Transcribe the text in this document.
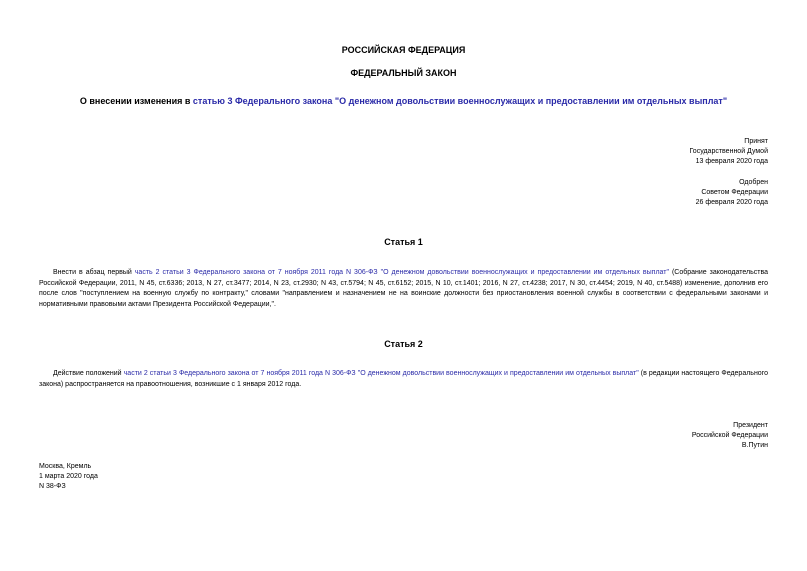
РОССИЙСКАЯ ФЕДЕРАЦИЯ
ФЕДЕРАЛЬНЫЙ ЗАКОН
О внесении изменения в статью 3 Федерального закона "О денежном довольствии военнослужащих и предоставлении им отдельных выплат"
Принят
Государственной Думой
13 февраля 2020 года
Одобрен
Советом Федерации
26 февраля 2020 года
Статья 1
Внести в абзац первый часть 2 статьи 3 Федерального закона от 7 ноября 2011 года N 306-ФЗ "О денежном довольствии военнослужащих и предоставлении им отдельных выплат" (Собрание законодательства Российской Федерации, 2011, N 45, ст.6336; 2013, N 27, ст.3477; 2014, N 23, ст.2930; N 43, ст.5794; N 45, ст.6152; 2015, N 10, ст.1401; 2016, N 27, ст.4238; 2017, N 30, ст.4454; 2019, N 40, ст.5488) изменение, дополнив его после слов "поступлением на военную службу по контракту," словами "направлением и назначением не на воинские должности без приостановления военной службы в соответствии с федеральными законами и нормативными правовыми актами Президента Российской Федерации,".
Статья 2
Действие положений части 2 статьи 3 Федерального закона от 7 ноября 2011 года N 306-ФЗ "О денежном довольствии военнослужащих и предоставлении им отдельных выплат" (в редакции настоящего Федерального закона) распространяется на правоотношения, возникшие с 1 января 2012 года.
Президент
Российской Федерации
В.Путин
Москва, Кремль
1 марта 2020 года
N 38-ФЗ
